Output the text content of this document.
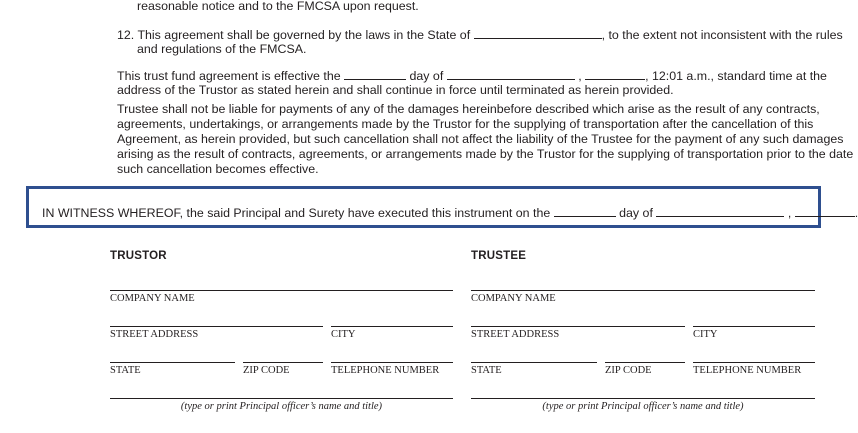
reasonable notice and to the FMCSA upon request.
12. This agreement shall be governed by the laws in the State of	, to the extent not inconsistent with the rules
and regulations of the FMCSA.
This trust fund agreement is effective the	day of	,	, 12:01 a.m., standard time at the
address of the Trustor as stated herein and shall continue in force until terminated as herein provided.
Trustee shall not be liable for payments of any of the damages hereinbefore described which arise as the result of any contracts,
agreements, undertakings, or arrangements made by the Trustor for the supplying of transportation after the cancellation of this
Agreement, as herein provided, but such cancellation shall not affect the liability of the Trustee for the payment of any such damages
arising as the result of contracts, agreements, or arrangements made by the Trustor for the supplying of transportation prior to the date
such cancellation becomes effective.
IN WITNESS WHEREOF, the said Principal and Surety have executed this instrument on the	day of	,	.
TRUSTOR
COMPANY NAME
STREET ADDRESS	CITY
STATE	ZIP CODE	TELEPHONE NUMBER
(type or print Principal officer’s name and title)
TRUSTEE
COMPANY NAME
STREET ADDRESS	CITY
STATE	ZIP CODE	TELEPHONE NUMBER
(type or print Principal officer’s name and title)
